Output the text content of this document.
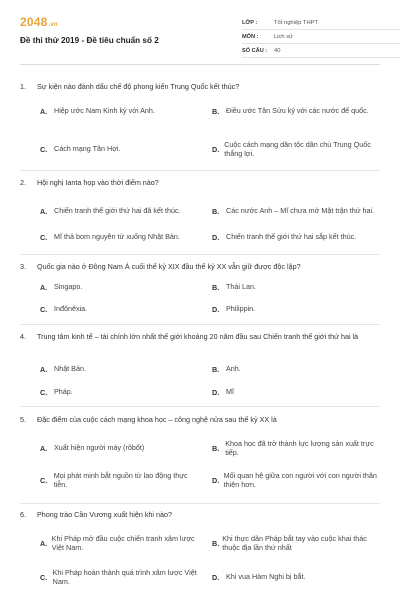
2048.vn
Đề thi thử 2019 - Đề tiêu chuẩn số 2
LỚP :	Tốt nghiệp THPT
MÔN :	Lịch sử
SỐ CÂU :	40
1. Sự kiện nào đánh dấu chế độ phong kiến Trung Quốc kết thúc?
A. Hiệp ước Nam Kinh ký với Anh.	B. Điều ước Tân Sửu ký với các nước đế quốc.
C. Cách mạng Tân Hợi.	D.
Cuộc cách mạng dân tộc dân chủ Trung Quốc thắng lợi.
2. Hội nghị Ianta họp vào thời điểm nào?
A. Chiến tranh thế giới thứ hai đã kết thúc.	B. Các nước Anh – Mĩ chưa mở Mặt trận thứ hai.
C. Mĩ thả bom nguyên tử xuống Nhật Bản.	D. Chiến tranh thế giới thứ hai sắp kết thúc.
3. Quốc gia nào ở Đông Nam Á cuối thế kỷ XIX đầu thế kỷ XX vẫn giữ được độc lập?
A. Singapo.	B. Thái Lan.
C. Inđônêxia.	D. Philippin.
4. Trung tâm kinh tế – tài chính lớn nhất thế giới khoảng 20 năm đầu sau Chiến tranh thế giới thứ hai là
A. Nhật Bản.	B. Anh.
C. Pháp.	D. Mĩ
5. Đặc điểm của cuộc cách mạng khoa học – công nghệ nửa sau thế kỷ XX là
A. Xuất hiện người máy (rôbốt)	B.
Khoa học đã trở thành lực lượng sản xuất trực tiếp.
C.
Mọi phát minh bắt nguồn từ lao động thực tiễn.	D.
Mối quan hệ giữa con người với con người thân thiện hơn.
6. Phong trào Cần Vương xuất hiện khi nào?
A.
Khi Pháp mở đầu cuộc chiến tranh xâm lược Việt Nam.	B.
Khi thực dân Pháp bắt tay vào cuộc khai thác thuộc địa lần thứ nhất
C.
Khi Pháp hoàn thành quá trình xâm lược Việt Nam.	D. Khi vua Hàm Nghi bị bắt.
